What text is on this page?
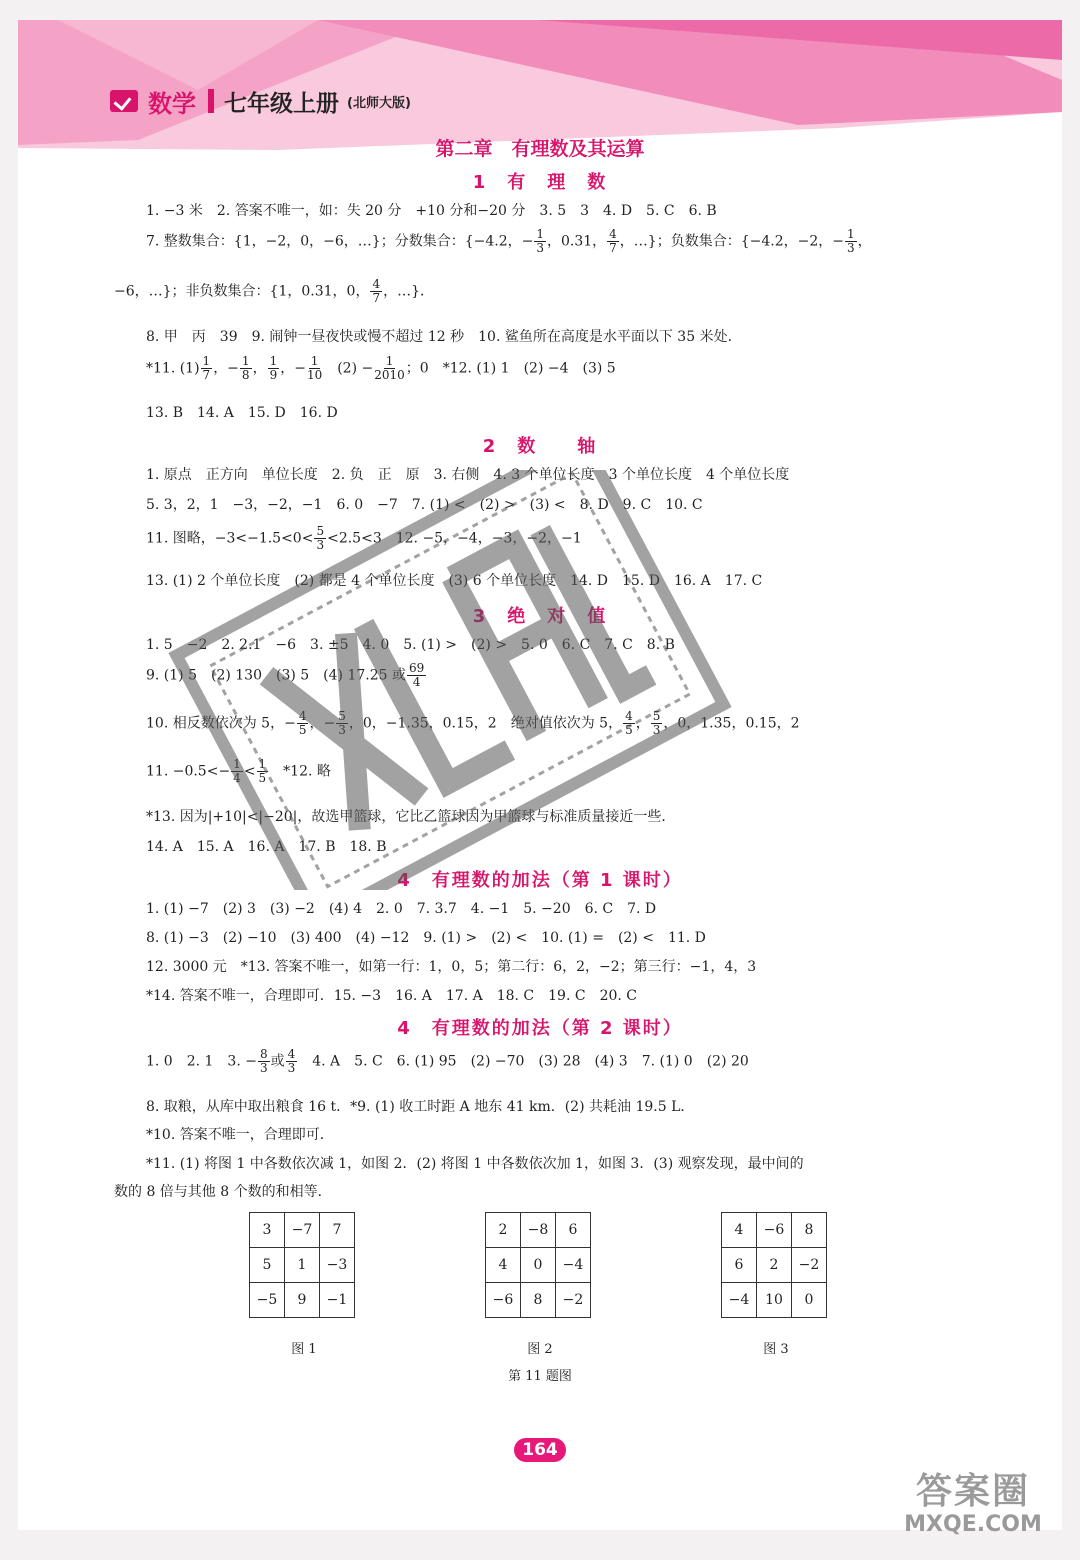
数学 七年级上册 (北师大版)
第二章　有理数及其运算
1　有　理　数
1. −3 米　2. 答案不唯一，如：失 20 分　+10 分和−20 分　3. 5　3　4. D　5. C　6. B
7. 整数集合：{1，−2，0，−6，…}；分数集合：{−4.2，− $\frac{1}{3}$ ，0.31， $\frac{4}{7}$ ，…}；负数集合：{−4.2，−2，− $\frac{1}{3}$ ，
−6，…}；非负数集合：{1，0.31，0， $\frac{4}{7}$ ，…}．
8. 甲　丙　39　9. 闹钟一昼夜快或慢不超过 12 秒　10. 鲨鱼所在高度是水平面以下 35 米处．
*11. $(1) \frac{1}{7}$ ，− $\frac{1}{8}$ ， $\frac{1}{9}$ ，− $\frac{1}{10}$ 　$(2) - \frac{1}{2010}$ ；0　*12. (1) 1　(2) −4　(3) 5
13. B　14. A　15. D　16. D
2　数　　轴
1. 原点　正方向　单位长度　2. 负　正　原　3. 右侧　4. 3 个单位长度　3 个单位长度　4 个单位长度
5. 3，2，1　−3，−2，−1　6. 0　−7　7. (1) <　(2) >　(3) <　8. D　9. C　10. C
11. 图略，$-3<-1.5<0< \frac{5}{3} <2.5<3$　12. −5，−4，−3，−2，−1
13. (1) 2 个单位长度　(2) 都是 4 个单位长度　(3) 6 个单位长度　14. D　15. D　16. A　17. C
3　绝　对　值
1. 5　−2　2. 2.1　−6　3. ±5　4. 0　5. (1) >　(2) >　5. 0　6. C　7. C　8. B
9. (1) 5　(2) 130　(3) 5　(4) 17.25 或 $\frac{69}{4}$
10. 相反数依次为 5，− $\frac{4}{5}$ ，− $\frac{5}{3}$ ，0，−1.35，0.15，2　绝对值依次为 5， $\frac{4}{5}$ ， $\frac{5}{3}$ ，0，1.35，0.15，2
11. $-0.5<- \frac{1}{4} < \frac{1}{5}$ 　*12. 略
*13. 因为|+10|<|−20|，故选甲篮球，它比乙篮球因为甲篮球与标准质量接近一些．
14. A　15. A　16. A　17. B　18. B
4　有理数的加法（第 1 课时）
1. (1) −7　(2) 3　(3) −2　(4) 4　2. 0　7. 3.7　4. −1　5. −20　6. C　7. D
8. (1) −3　(2) −10　(3) 400　(4) −12　9. (1) >　(2) <　10. (1) =　(2) <　11. D
12. 3000 元　*13. 答案不唯一，如第一行：1，0，5；第二行：6，2，−2；第三行：−1，4，3
*14. 答案不唯一，合理即可．15. −3　16. A　17. A　18. C　19. C　20. C
4　有理数的加法（第 2 课时）
1. 0　2. 1　3. − $\frac{8}{3}$ 或 $\frac{4}{3}$ 　4. A　5. C　6. (1) 95　(2) −70　(3) 28　(4) 3　7. (1) 0　(2) 20
8. 取粮，从库中取出粮食 16 t．*9. (1) 收工时距 A 地东 41 km．(2) 共耗油 19.5 L．
*10. 答案不唯一，合理即可．
*11. (1) 将图 1 中各数依次减 1，如图 2．(2) 将图 1 中各数依次加 1，如图 3．(3) 观察发现，最中间的
数的 8 倍与其他 8 个数的和相等．
3	−7	7
5	1	−3
−5	9	−1
2	−8	6
4	0	−4
−6	8	−2
4	−6	8
6	2	−2
−4	10	0
图 1	图 2	图 3
第 11 题图
164
答案圈
MXQE.COM
